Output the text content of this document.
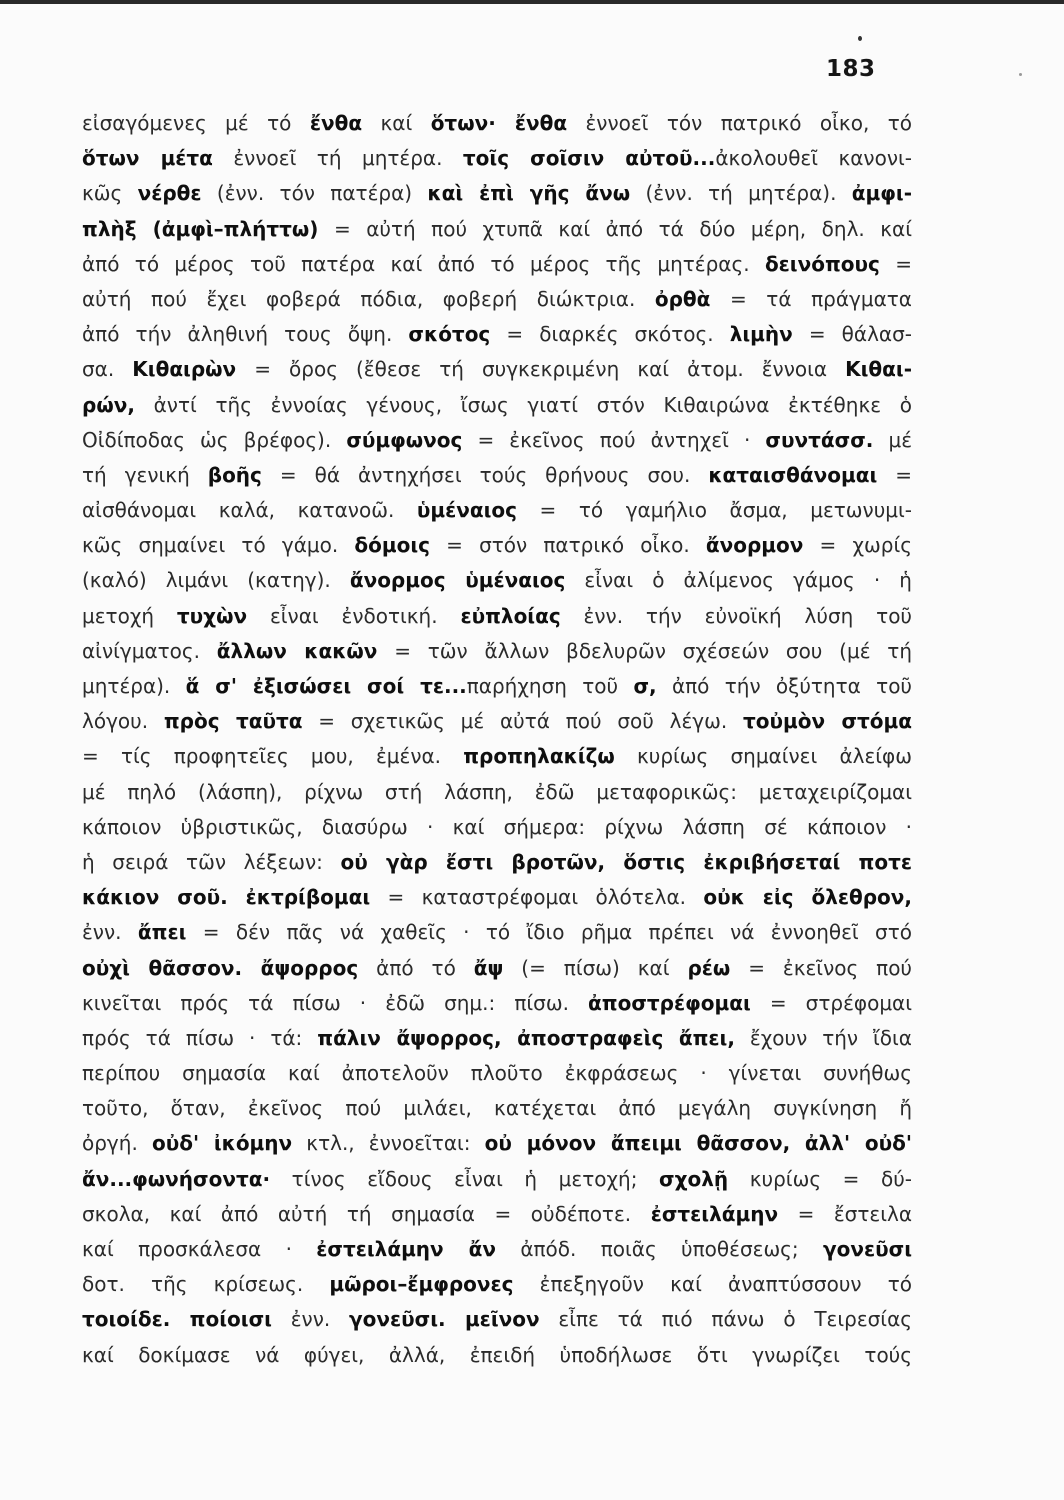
183
εἰσαγόμενες μέ τό ἔνθα καί ὅτων· ἔνθα ἐννοεῖ τόν πατρικό οἶκο, τό
ὅτων μέτα ἐννοεῖ τή μητέρα. τοῖς σοῖσιν αὐτοῦ...ἀκολουθεῖ κανονι-
κῶς νέρθε (ἐνν. τόν πατέρα) καὶ ἐπὶ γῆς ἄνω (ἐνν. τή μητέρα). ἀμφι-
πλὴξ (ἀμφὶ–πλήττω) = αὐτή πού χτυπᾶ καί ἀπό τά δύο μέρη, δηλ. καί
ἀπό τό μέρος τοῦ πατέρα καί ἀπό τό μέρος τῆς μητέρας. δεινόπους =
αὐτή πού ἔχει φοβερά πόδια, φοβερή διώκτρια. ὀρθὰ = τά πράγματα
ἀπό τήν ἀληθινή τους ὄψη. σκότος = διαρκές σκότος. λιμὴν = θάλασ-
σα. Κιθαιρὼν = ὄρος (ἔθεσε τή συγκεκριμένη καί ἀτομ. ἔννοια Κιθαι-
ρών, ἀντί τῆς ἐννοίας γένους, ἴσως γιατί στόν Κιθαιρώνα ἐκτέθηκε ὁ
Οἰδίποδας ὡς βρέφος). σύμφωνος = ἐκεῖνος πού ἀντηχεῖ · συντάσσ. μέ
τή γενική βοῆς = θά ἀντηχήσει τούς θρήνους σου. καταισθάνομαι =
αἰσθάνομαι καλά, κατανοῶ. ὑμέναιος = τό γαμήλιο ἄσμα, μετωνυμι-
κῶς σημαίνει τό γάμο. δόμοις = στόν πατρικό οἶκο. ἄνορμον = χωρίς
(καλό) λιμάνι (κατηγ). ἄνορμος ὑμέναιος εἶναι ὁ ἀλίμενος γάμος · ἡ
μετοχή τυχὼν εἶναι ἐνδοτική. εὐπλοίας ἐνν. τήν εὐνοϊκή λύση τοῦ
αἰνίγματος. ἄλλων κακῶν = τῶν ἄλλων βδελυρῶν σχέσεών σου (μέ τή
μητέρα). ἅ σ' ἐξισώσει σοί τε...παρήχηση τοῦ σ, ἀπό τήν ὀξύτητα τοῦ
λόγου. πρὸς ταῦτα = σχετικῶς μέ αὐτά πού σοῦ λέγω. τοὐμὸν στόμα
= τίς προφητεῖες μου, ἐμένα. προπηλακίζω κυρίως σημαίνει ἀλείφω
μέ πηλό (λάσπη), ρίχνω στή λάσπη, ἐδῶ μεταφορικῶς: μεταχειρίζομαι
κάποιον ὑβριστικῶς, διασύρω · καί σήμερα: ρίχνω λάσπη σέ κάποιον ·
ἡ σειρά τῶν λέξεων: οὐ γὰρ ἔστι βροτῶν, ὅστις ἐκριβήσεταί ποτε
κάκιον σοῦ. ἐκτρίβομαι = καταστρέφομαι ὁλότελα. οὐκ εἰς ὄλεθρον,
ἐνν. ἄπει = δέν πᾶς νά χαθεῖς · τό ἴδιο ρῆμα πρέπει νά ἐννοηθεῖ στό
οὐχὶ θᾶσσον. ἄψορρος ἀπό τό ἄψ (= πίσω) καί ρέω = ἐκεῖνος πού
κινεῖται πρός τά πίσω · ἐδῶ σημ.: πίσω. ἀποστρέφομαι = στρέφομαι
πρός τά πίσω · τά: πάλιν ἄψορρος, ἀποστραφεὶς ἄπει, ἔχουν τήν ἴδια
περίπου σημασία καί ἀποτελοῦν πλοῦτο ἐκφράσεως · γίνεται συνήθως
τοῦτο, ὅταν, ἐκεῖνος πού μιλάει, κατέχεται ἀπό μεγάλη συγκίνηση ἤ
ὀργή. οὐδ' ἰκόμην κτλ., ἐννοεῖται: οὐ μόνον ἄπειμι θᾶσσον, ἀλλ' οὐδ'
ἄν...φωνήσοντα· τίνος εἴδους εἶναι ἡ μετοχή; σχολῇ κυρίως = δύ-
σκολα, καί ἀπό αὐτή τή σημασία = οὐδέποτε. ἐστειλάμην = ἔστειλα
καί προσκάλεσα · ἐστειλάμην ἄν ἀπόδ. ποιᾶς ὑποθέσεως; γονεῦσι
δοτ. τῆς κρίσεως. μῶροι–ἔμφρονες ἐπεξηγοῦν καί ἀναπτύσσουν τό
τοιοίδε. ποίοισι ἐνν. γονεῦσι. μεῖνον εἶπε τά πιό πάνω ὁ Τειρεσίας
καί δοκίμασε νά φύγει, ἀλλά, ἐπειδή ὑποδήλωσε ὅτι γνωρίζει τούς
